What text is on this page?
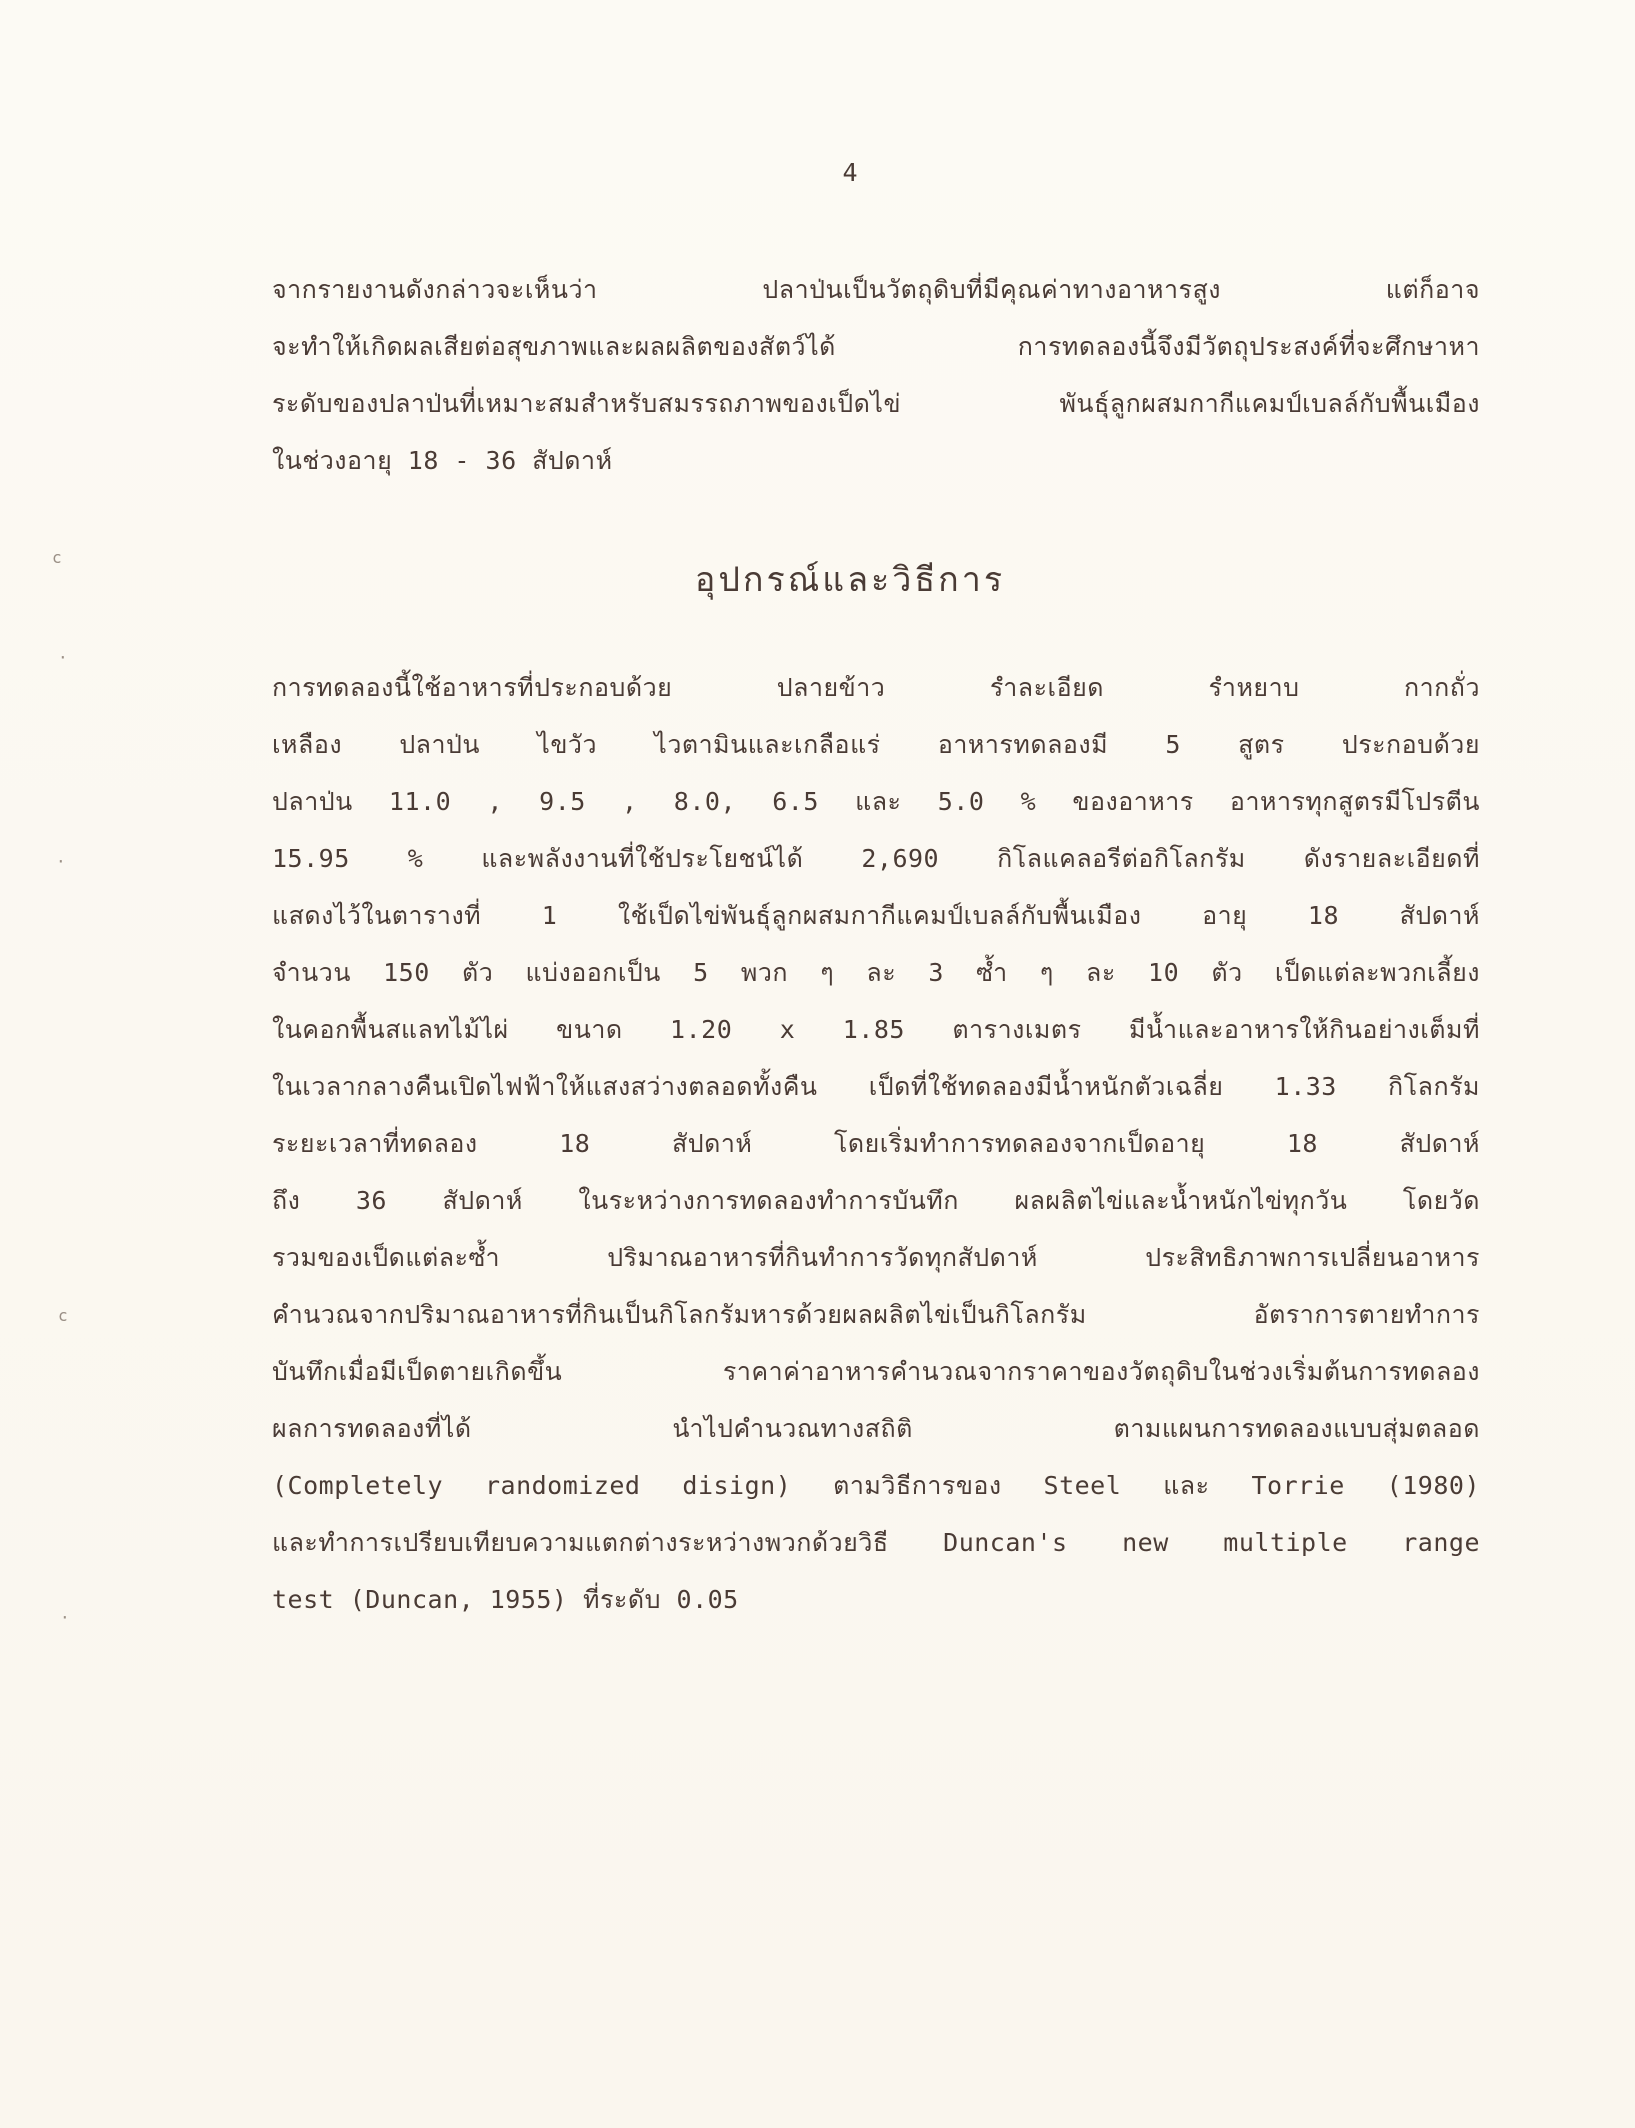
4
จากรายงานดังกล่าวจะเห็นว่า ปลาป่นเป็นวัตถุดิบที่มีคุณค่าทางอาหารสูง แต่ก็อาจ
จะทำให้เกิดผลเสียต่อสุขภาพและผลผลิตของสัตว์ได้ การทดลองนี้จึงมีวัตถุประสงค์ที่จะศึกษาหา
ระดับของปลาป่นที่เหมาะสมสำหรับสมรรถภาพของเป็ดไข่ พันธุ์ลูกผสมกากีแคมป์เบลล์กับพื้นเมือง
ในช่วงอายุ 18 - 36 สัปดาห์
อุปกรณ์และวิธีการ
การทดลองนี้ใช้อาหารที่ประกอบด้วย ปลายข้าว รำละเอียด รำหยาบ กากถั่ว
เหลือง ปลาป่น ไขวัว ไวตามินและเกลือแร่ อาหารทดลองมี 5 สูตร ประกอบด้วย
ปลาป่น 11.0 , 9.5 , 8.0, 6.5 และ 5.0 % ของอาหาร อาหารทุกสูตรมีโปรตีน
15.95 % และพลังงานที่ใช้ประโยชน์ได้ 2,690 กิโลแคลอรีต่อกิโลกรัม ดังรายละเอียดที่
แสดงไว้ในตารางที่ 1 ใช้เป็ดไข่พันธุ์ลูกผสมกากีแคมป์เบลล์กับพื้นเมือง อายุ 18 สัปดาห์
จำนวน 150 ตัว แบ่งออกเป็น 5 พวก ๆ ละ 3 ซ้ำ ๆ ละ 10 ตัว เป็ดแต่ละพวกเลี้ยง
ในคอกพื้นสแลทไม้ไผ่ ขนาด 1.20 x 1.85 ตารางเมตร มีน้ำและอาหารให้กินอย่างเต็มที่
ในเวลากลางคืนเปิดไฟฟ้าให้แสงสว่างตลอดทั้งคืน เป็ดที่ใช้ทดลองมีน้ำหนักตัวเฉลี่ย 1.33 กิโลกรัม
ระยะเวลาที่ทดลอง 18 สัปดาห์ โดยเริ่มทำการทดลองจากเป็ดอายุ 18 สัปดาห์
ถึง 36 สัปดาห์ ในระหว่างการทดลองทำการบันทึก ผลผลิตไข่และน้ำหนักไข่ทุกวัน โดยวัด
รวมของเป็ดแต่ละซ้ำ ปริมาณอาหารที่กินทำการวัดทุกสัปดาห์ ประสิทธิภาพการเปลี่ยนอาหาร
คำนวณจากปริมาณอาหารที่กินเป็นกิโลกรัมหารด้วยผลผลิตไข่เป็นกิโลกรัม อัตราการตายทำการ
บันทึกเมื่อมีเป็ดตายเกิดขึ้น ราคาค่าอาหารคำนวณจากราคาของวัตถุดิบในช่วงเริ่มต้นการทดลอง
ผลการทดลองที่ได้ นำไปคำนวณทางสถิติ ตามแผนการทดลองแบบสุ่มตลอด
(Completely randomized disign) ตามวิธีการของ Steel และ Torrie (1980)
และทำการเปรียบเทียบความแตกต่างระหว่างพวกด้วยวิธี Duncan's new multiple range
test (Duncan, 1955) ที่ระดับ 0.05
c
·
·
c
·
